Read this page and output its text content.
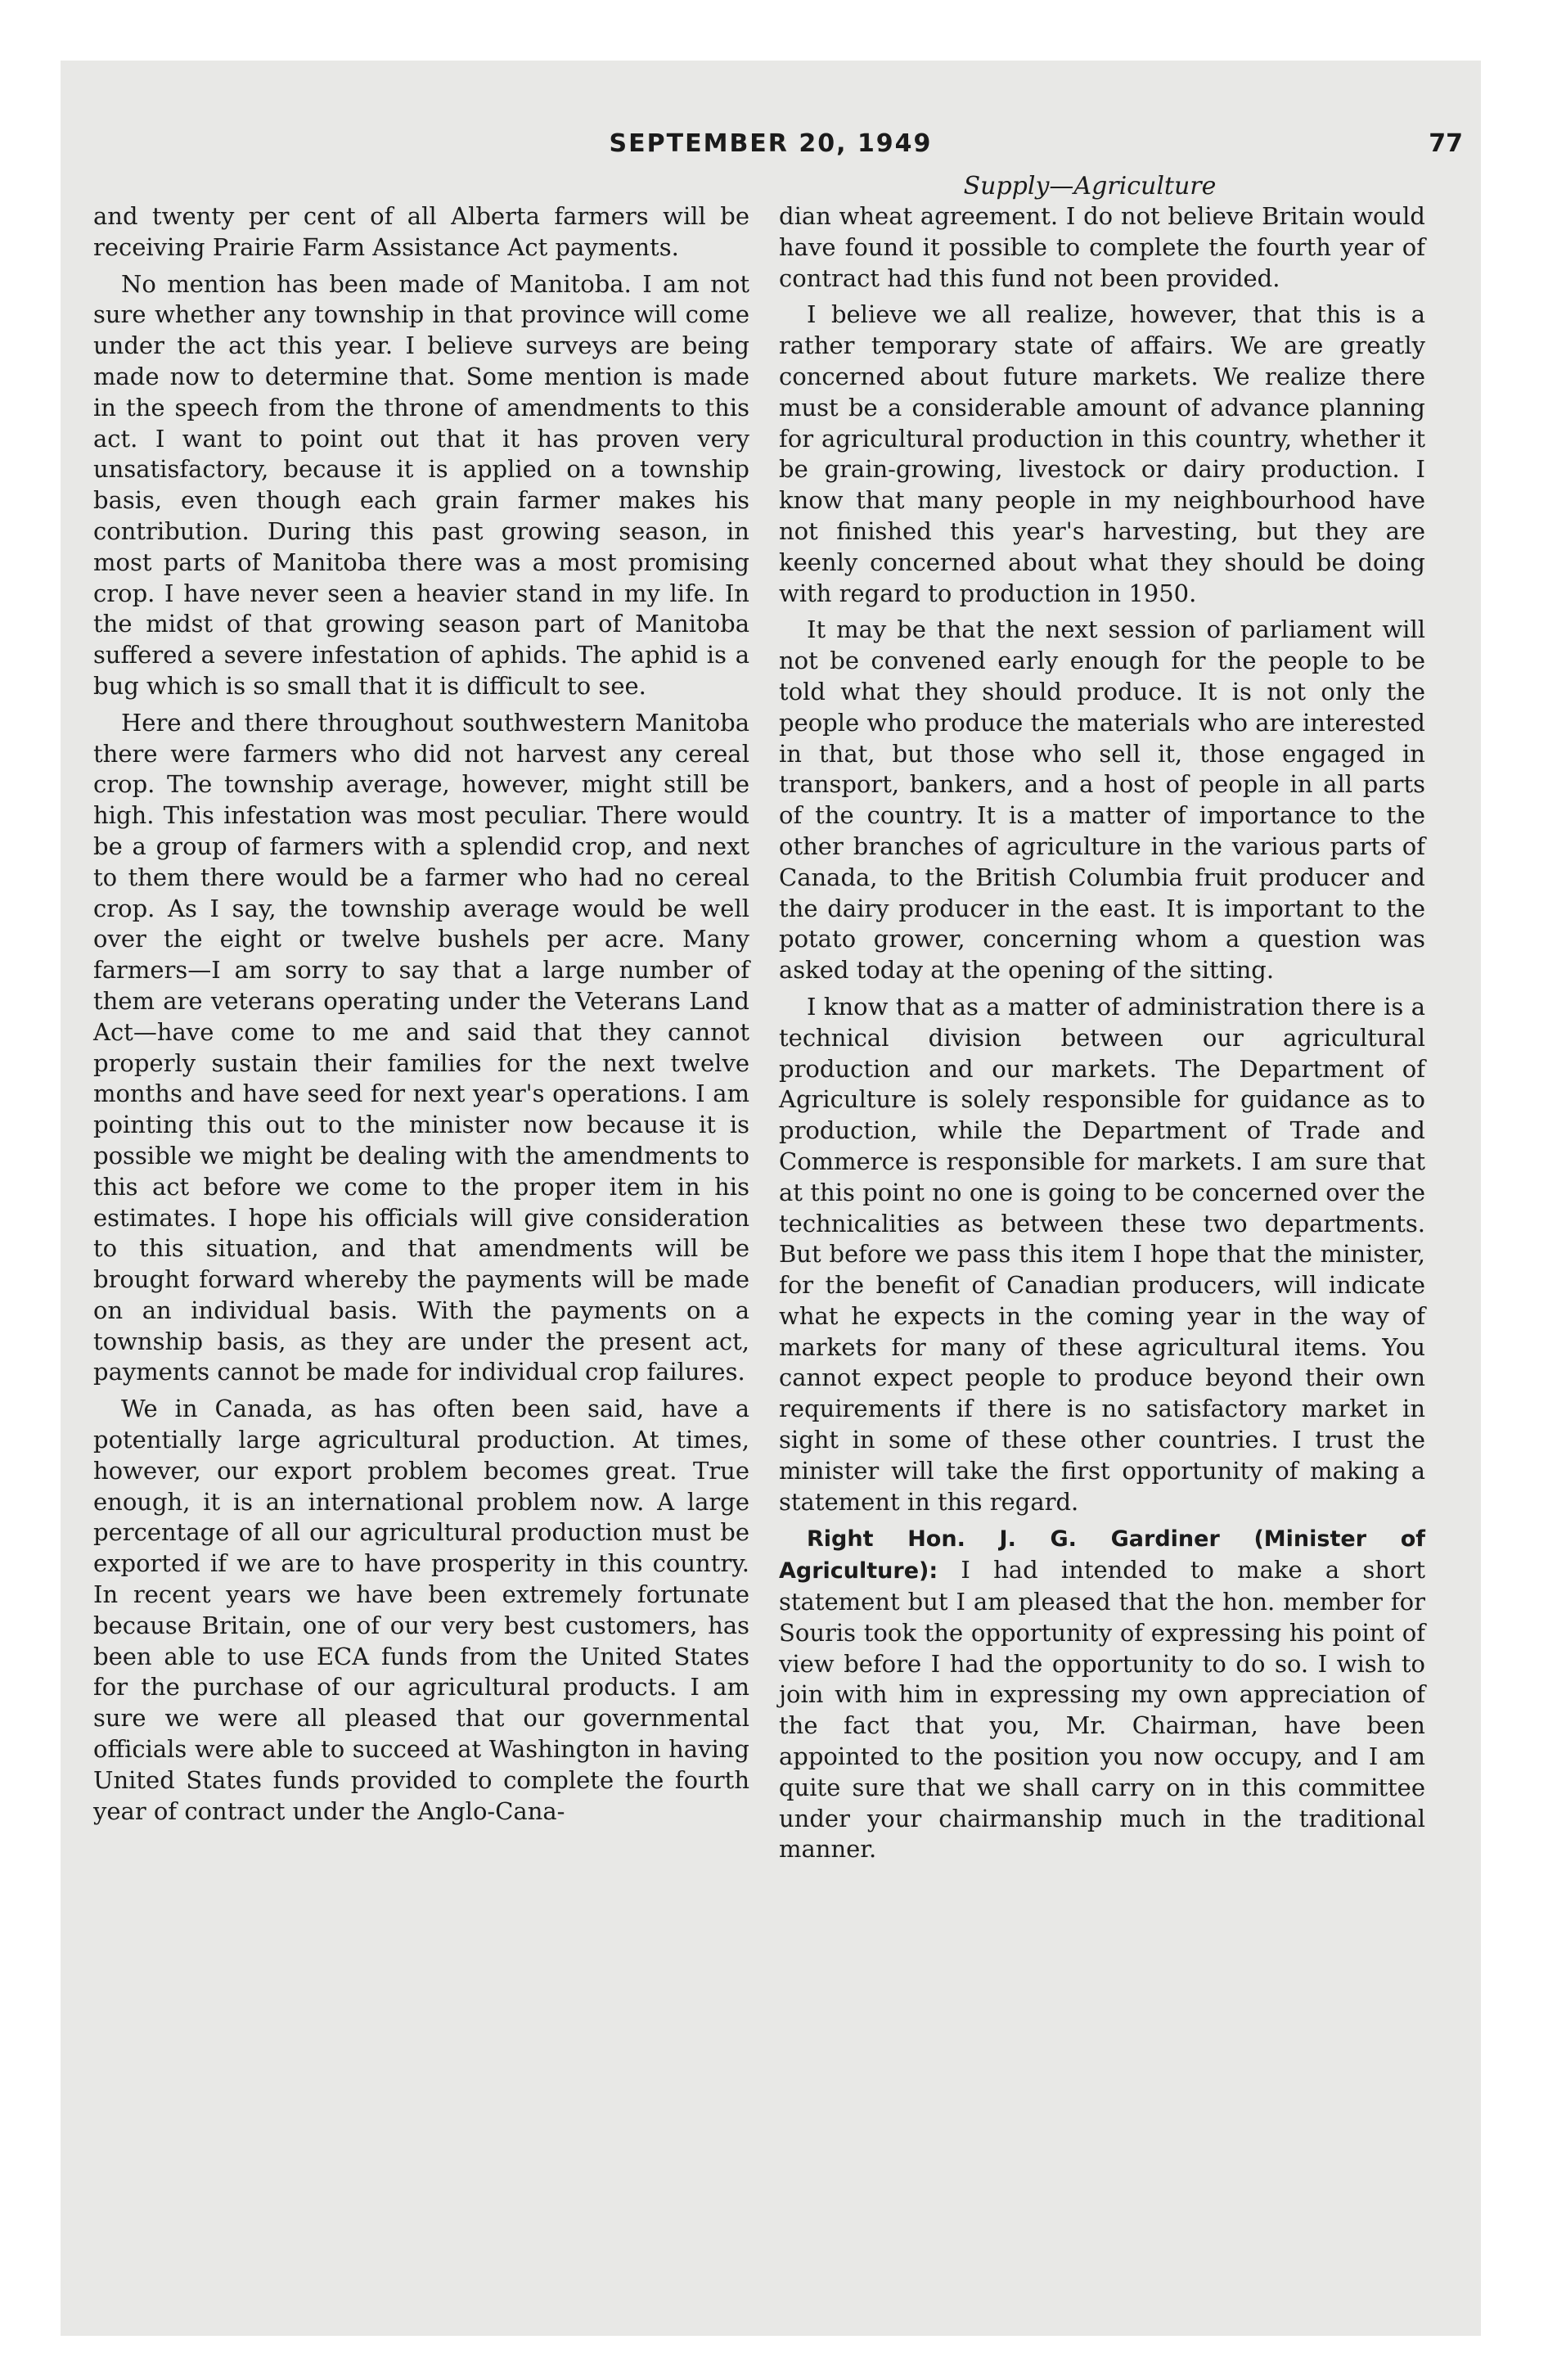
SEPTEMBER 20, 1949	77
Supply—Agriculture

and twenty per cent of all Alberta farmers will be receiving Prairie Farm Assistance Act payments.

No mention has been made of Manitoba. I am not sure whether any township in that province will come under the act this year. I believe surveys are being made now to determine that. Some mention is made in the speech from the throne of amendments to this act. I want to point out that it has proven very unsatisfactory, because it is applied on a township basis, even though each grain farmer makes his contribution. During this past growing season, in most parts of Manitoba there was a most promising crop. I have never seen a heavier stand in my life. In the midst of that growing season part of Manitoba suffered a severe infestation of aphids. The aphid is a bug which is so small that it is difficult to see.

Here and there throughout southwestern Manitoba there were farmers who did not harvest any cereal crop. The township average, however, might still be high. This infestation was most peculiar. There would be a group of farmers with a splendid crop, and next to them there would be a farmer who had no cereal crop. As I say, the township average would be well over the eight or twelve bushels per acre. Many farmers—I am sorry to say that a large number of them are veterans operating under the Veterans Land Act—have come to me and said that they cannot properly sustain their families for the next twelve months and have seed for next year's operations. I am pointing this out to the minister now because it is possible we might be dealing with the amendments to this act before we come to the proper item in his estimates. I hope his officials will give consideration to this situation, and that amendments will be brought forward whereby the payments will be made on an individual basis. With the payments on a township basis, as they are under the present act, payments cannot be made for individual crop failures.

We in Canada, as has often been said, have a potentially large agricultural production. At times, however, our export problem becomes great. True enough, it is an international problem now. A large percentage of all our agricultural production must be exported if we are to have prosperity in this country. In recent years we have been extremely fortunate because Britain, one of our very best customers, has been able to use ECA funds from the United States for the purchase of our agricultural products. I am sure we were all pleased that our governmental officials were able to succeed at Washington in having United States funds provided to complete the fourth year of contract under the Anglo-Cana-

dian wheat agreement. I do not believe Britain would have found it possible to complete the fourth year of contract had this fund not been provided.

I believe we all realize, however, that this is a rather temporary state of affairs. We are greatly concerned about future markets. We realize there must be a considerable amount of advance planning for agricultural production in this country, whether it be grain-growing, livestock or dairy production. I know that many people in my neighbourhood have not finished this year's harvesting, but they are keenly concerned about what they should be doing with regard to production in 1950.

It may be that the next session of parliament will not be convened early enough for the people to be told what they should produce. It is not only the people who produce the materials who are interested in that, but those who sell it, those engaged in transport, bankers, and a host of people in all parts of the country. It is a matter of importance to the other branches of agriculture in the various parts of Canada, to the British Columbia fruit producer and the dairy producer in the east. It is important to the potato grower, concerning whom a question was asked today at the opening of the sitting.

I know that as a matter of administration there is a technical division between our agricultural production and our markets. The Department of Agriculture is solely responsible for guidance as to production, while the Department of Trade and Commerce is responsible for markets. I am sure that at this point no one is going to be concerned over the technicalities as between these two departments. But before we pass this item I hope that the minister, for the benefit of Canadian producers, will indicate what he expects in the coming year in the way of markets for many of these agricultural items. You cannot expect people to produce beyond their own requirements if there is no satisfactory market in sight in some of these other countries. I trust the minister will take the first opportunity of making a statement in this regard.

Right Hon. J. G. Gardiner (Minister of Agriculture): I had intended to make a short statement but I am pleased that the hon. member for Souris took the opportunity of expressing his point of view before I had the opportunity to do so. I wish to join with him in expressing my own appreciation of the fact that you, Mr. Chairman, have been appointed to the position you now occupy, and I am quite sure that we shall carry on in this committee under your chairmanship much in the traditional manner.
